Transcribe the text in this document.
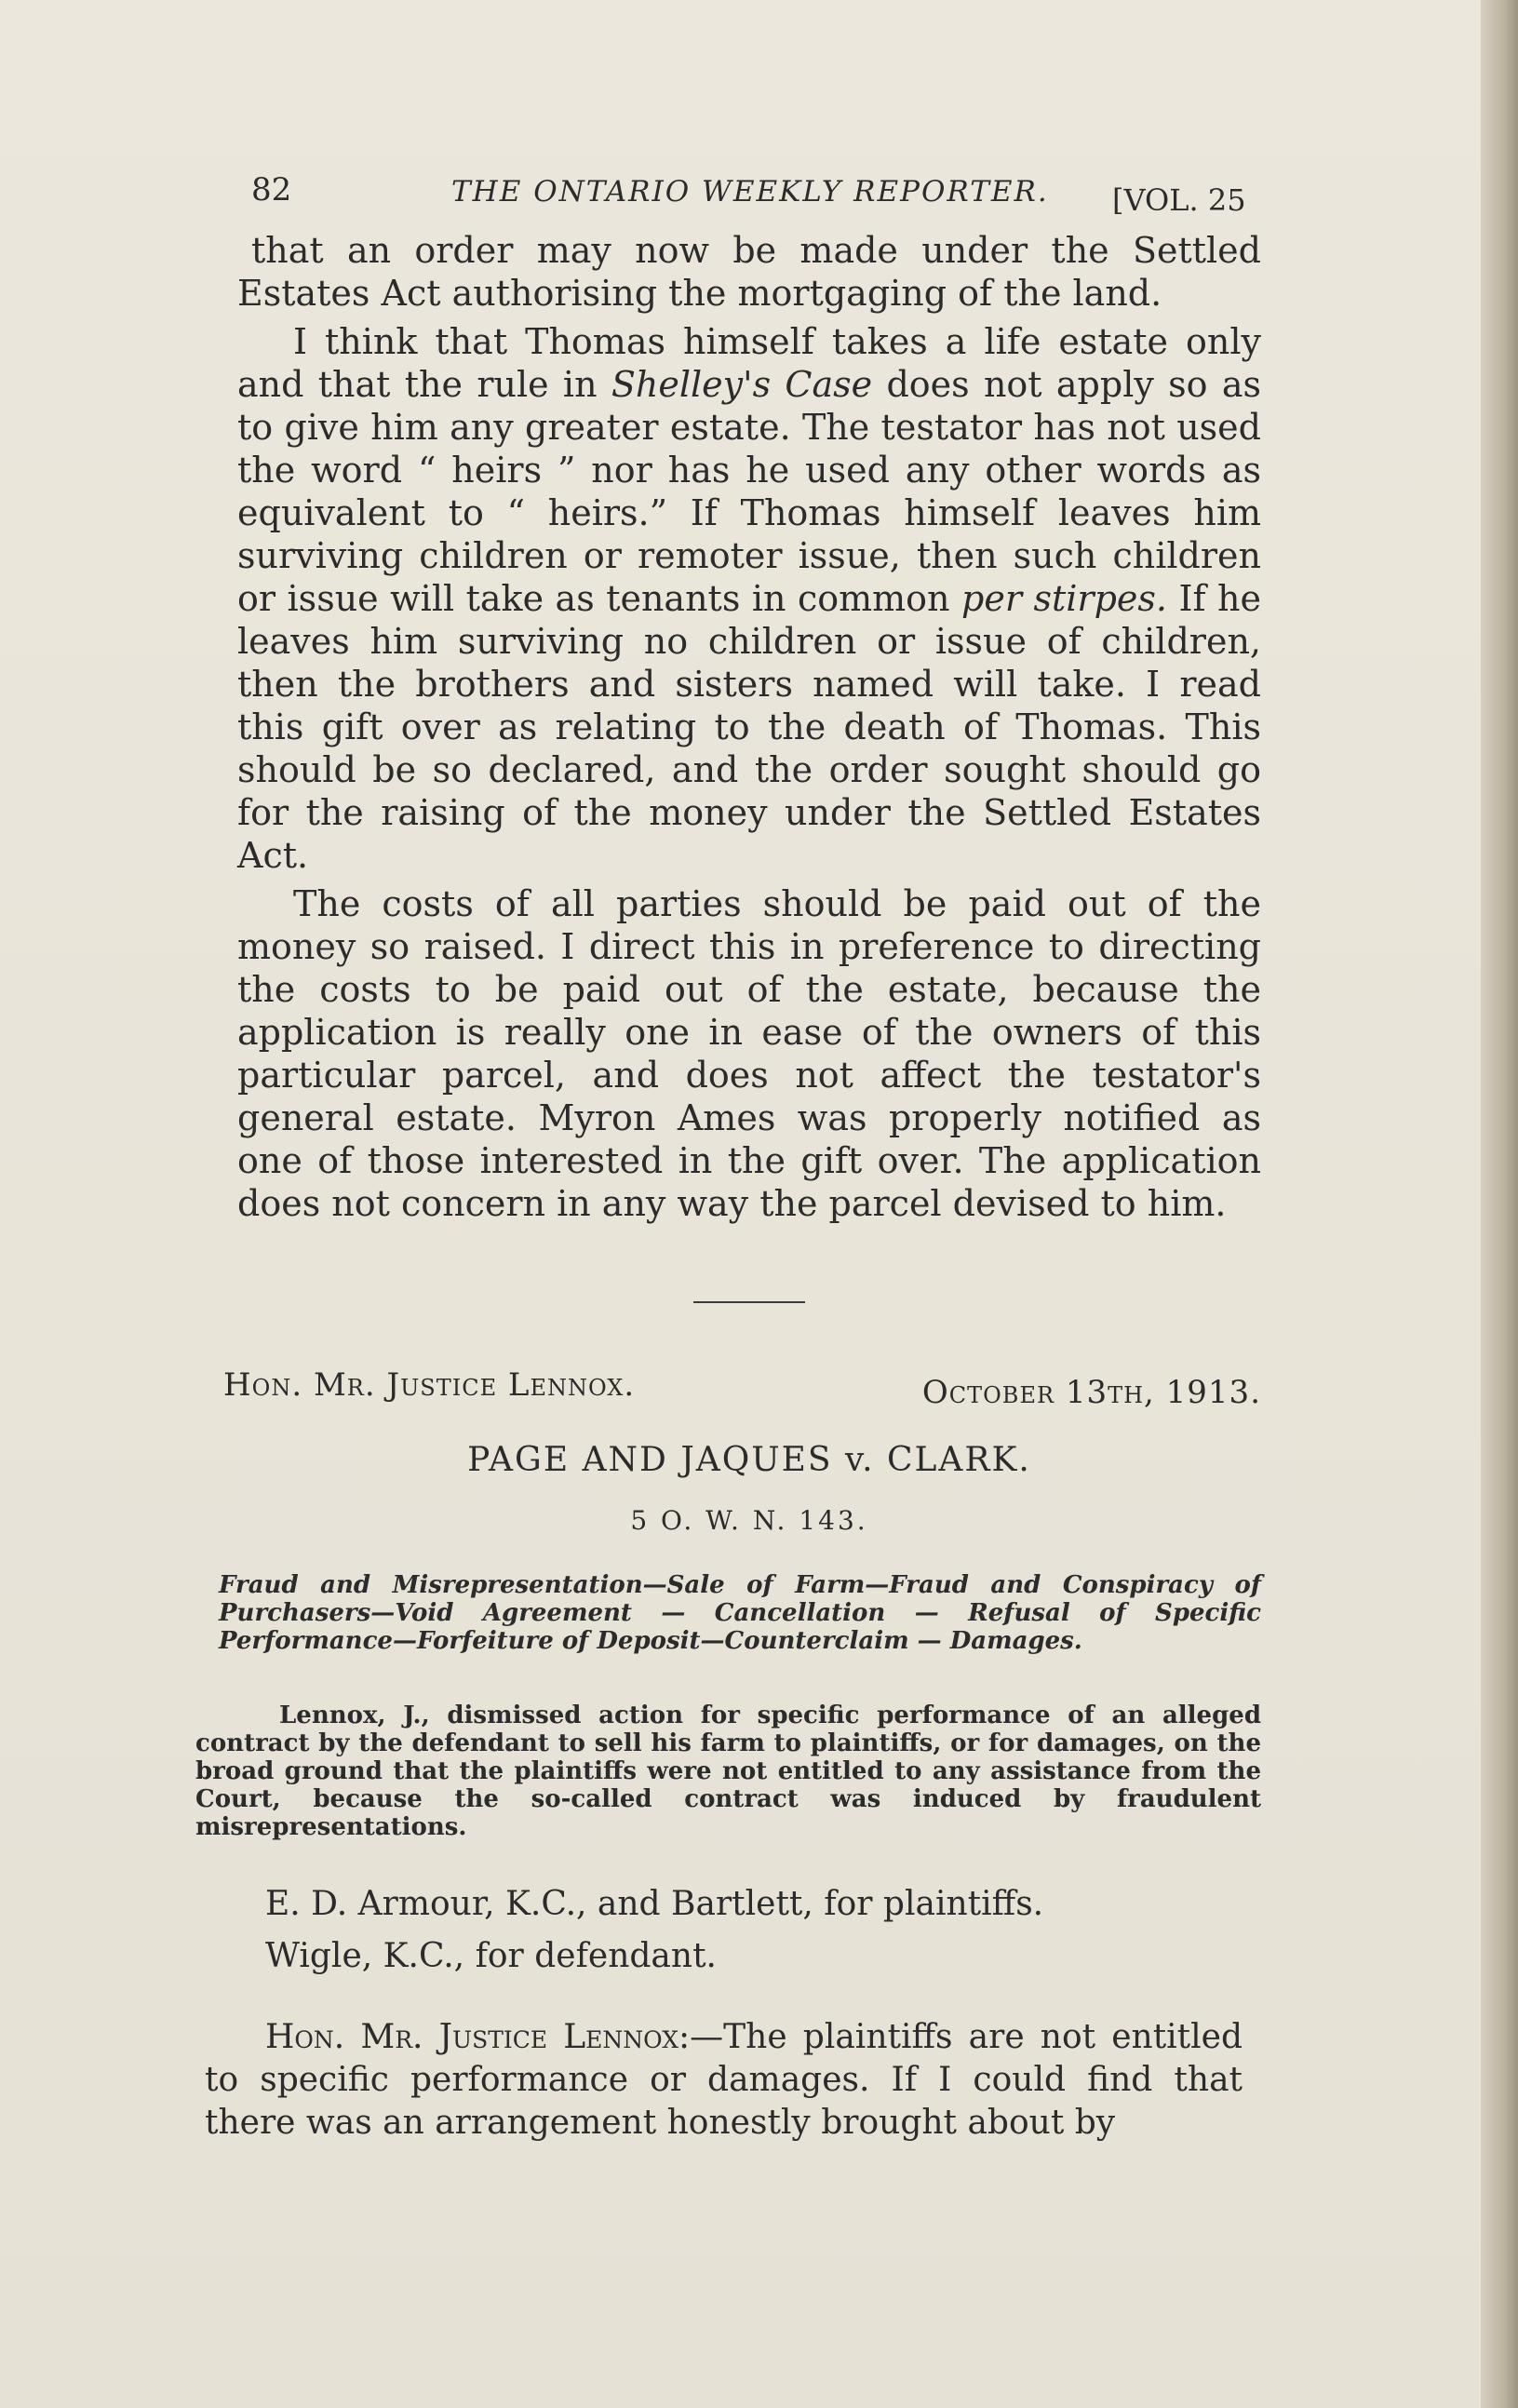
82	THE ONTARIO WEEKLY REPORTER. [VOL. 25

that an order may now be made under the Settled Estates Act authorising the mortgaging of the land.

I think that Thomas himself takes a life estate only and that the rule in Shelley's Case does not apply so as to give him any greater estate. The testator has not used the word “ heirs ” nor has he used any other words as equivalent to “ heirs.” If Thomas himself leaves him surviving children or remoter issue, then such children or issue will take as tenants in common per stirpes. If he leaves him surviving no children or issue of children, then the brothers and sisters named will take. I read this gift over as relating to the death of Thomas. This should be so declared, and the order sought should go for the raising of the money under the Settled Estates Act.

The costs of all parties should be paid out of the money so raised. I direct this in preference to directing the costs to be paid out of the estate, because the application is really one in ease of the owners of this particular parcel, and does not affect the testator's general estate. Myron Ames was properly notified as one of those interested in the gift over. The application does not concern in any way the parcel devised to him.

Hon. Mr. Justice Lennox.	October 13th, 1913.
PAGE AND JAQUES v. CLARK.
5 O. W. N. 143.
Fraud and Misrepresentation—Sale of Farm—Fraud and Conspiracy of Purchasers—Void Agreement — Cancellation — Refusal of Specific Performance—Forfeiture of Deposit—Counterclaim — Damages.
Lennox, J., dismissed action for specific performance of an alleged contract by the defendant to sell his farm to plaintiffs, or for damages, on the broad ground that the plaintiffs were not entitled to any assistance from the Court, because the so-called contract was induced by fraudulent misrepresentations.
E. D. Armour, K.C., and Bartlett, for plaintiffs.
Wigle, K.C., for defendant.

Hon. Mr. Justice Lennox:—The plaintiffs are not entitled to specific performance or damages. If I could find that there was an arrangement honestly brought about by
